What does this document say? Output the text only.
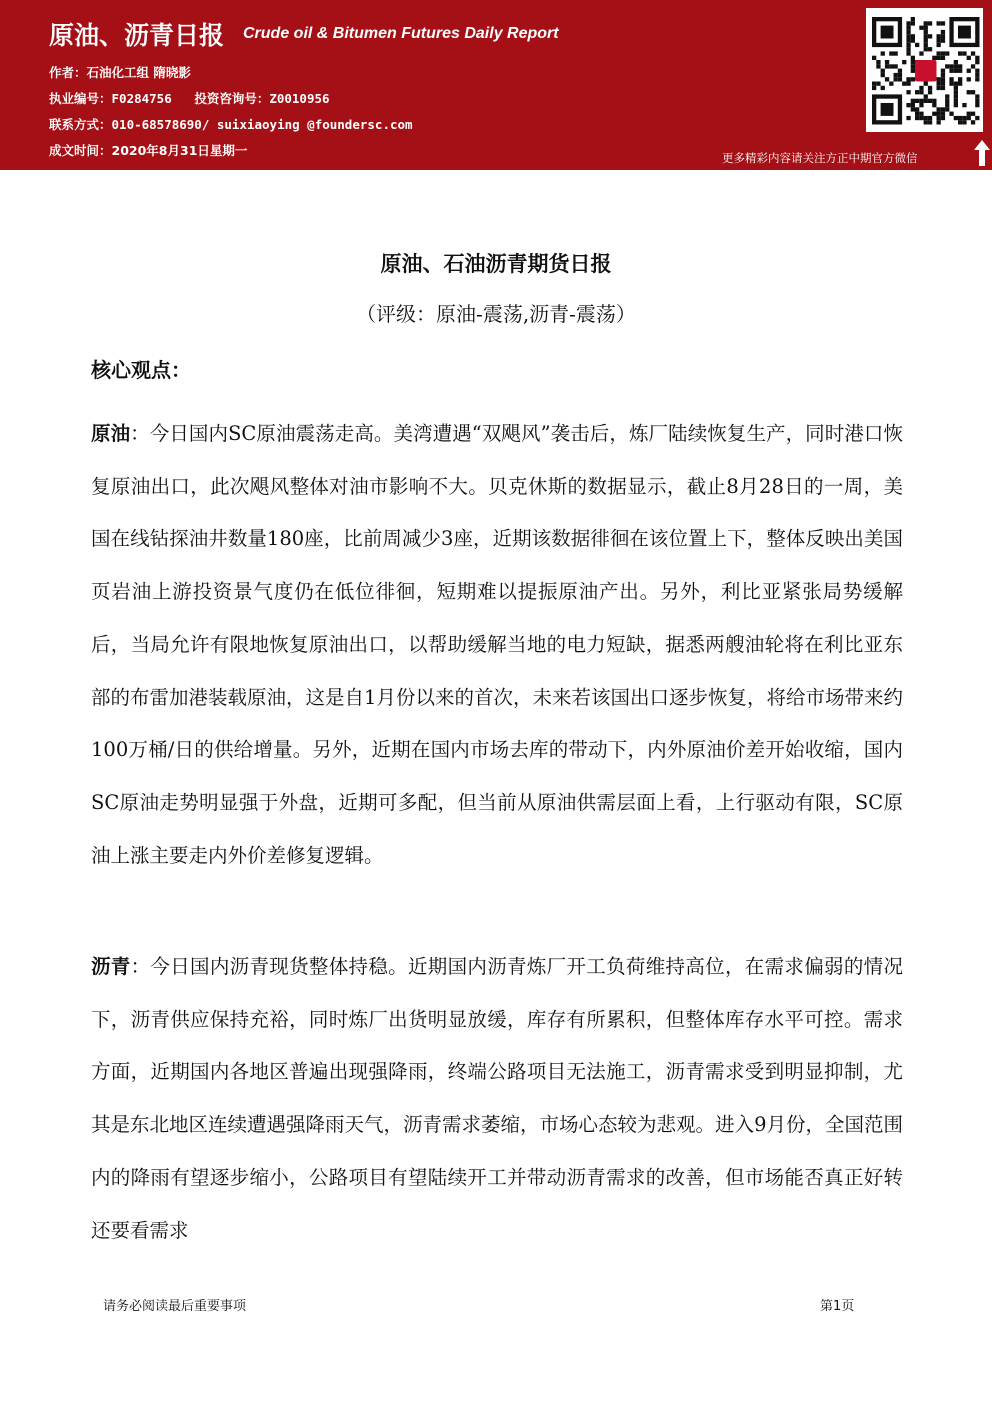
原油、沥青日报 Crude oil & Bitumen Futures Daily Report
作者：石油化工组 隋晓影
执业编号：F0284756 投资咨询号：Z0010956
联系方式：010-68578690/ suixiaoying @foundersc.com
成文时间：2020年8月31日星期一	更多精彩内容请关注方正中期官方微信
原油、石油沥青期货日报
（评级：原油-震荡,沥青-震荡）
核心观点：
原油：今日国内SC原油震荡走高。美湾遭遇“双飓风”袭击后，炼厂陆续恢复生产，同时港口恢复原油出口，此次飓风整体对油市影响不大。贝克休斯的数据显示，截止8月28日的一周，美国在线钻探油井数量180座，比前周减少3座，近期该数据徘徊在该位置上下，整体反映出美国页岩油上游投资景气度仍在低位徘徊，短期难以提振原油产出。另外，利比亚紧张局势缓解后，当局允许有限地恢复原油出口，以帮助缓解当地的电力短缺，据悉两艘油轮将在利比亚东部的布雷加港装载原油，这是自1月份以来的首次，未来若该国出口逐步恢复，将给市场带来约100万桶/日的供给增量。另外，近期在国内市场去库的带动下，内外原油价差开始收缩，国内SC原油走势明显强于外盘，近期可多配，但当前从原油供需层面上看，上行驱动有限，SC原油上涨主要走内外价差修复逻辑。
沥青：今日国内沥青现货整体持稳。近期国内沥青炼厂开工负荷维持高位，在需求偏弱的情况下，沥青供应保持充裕，同时炼厂出货明显放缓，库存有所累积，但整体库存水平可控。需求方面，近期国内各地区普遍出现强降雨，终端公路项目无法施工，沥青需求受到明显抑制，尤其是东北地区连续遭遇强降雨天气，沥青需求萎缩，市场心态较为悲观。进入9月份，全国范围内的降雨有望逐步缩小，公路项目有望陆续开工并带动沥青需求的改善，但市场能否真正好转还要看需求
请务必阅读最后重要事项	第1页
